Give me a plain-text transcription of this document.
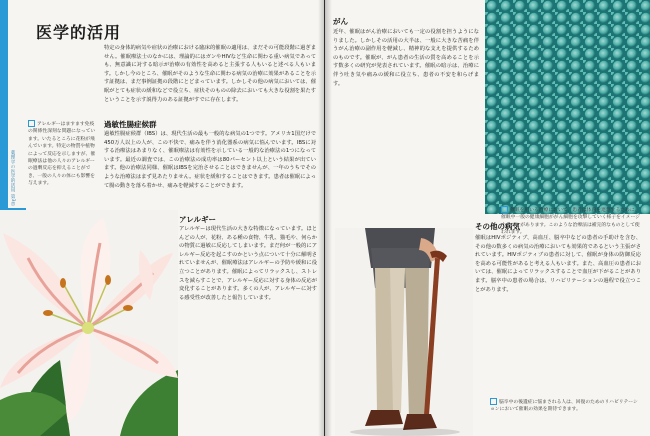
薬理学の医学的活用 第3章
医学的活用
特定の身体的病気や症状の治療における臨床的催眠の適用は、まだその可能段階に過ぎません。催眠療法士のなかには、理論的にはガンやHIVなど生命に関わる重い病気であっても、無意識に対する暗示が治療の有効性を高めると主張する人もいると述べる人もいます。しかし今のところ、催眠がそのような生命に関わる病気の治療に効果があることを示す証拠は、まだ事例証拠の段階にとどまっています。しかしその他の病気においては、催眠がとても症状の緩和などで役立ち、症状そのものの除去においても大きな役割を果たすということを示す説得力のある証拠がすでに存在します。
アレルギーはますます免疫の関係性深刻な問題になっています。いたるところに花粉が飛んでいます。特定の物質や植物によって反応を示しますが、催眠療法は他の人々のアレルギーの過剰反応を抑えることができ、一般の人々の体にも影響を与えます。
過敏性腸症候群
過敏性腸症候群（IBS）は、現代生活の最も一般的な病気の1つです。アメリカ1国だけで450万人以上の人が、この不快で、痛みを伴う消化器系の病気に悩んでいます。IBSに対する治療法はあまりなく、催眠療法は有効性を示している一般的な治療法の1つになっています。最近の調査では、この治療法の成功率は80パーセント以上という結果が出ています。他の治療法同様、催眠はIBSを完治させることはできませんが、一年のうちでそのような治療法はまず見あたりません。症状を緩和することはできます。患者は催眠によって腸の動きを落ち着かせ、痛みを軽減することができます。
アレルギー
アレルギーは現代生活の大きな特徴になっています。ほとんどの人が、花粉、ある種の食物、牛乳、猫毛や、何らかの物質に過敏に反応してしまいます。まだ何が一般的にアレルギー反応を起こすのかという点について十分に解明されていませんが、催眠療法はアレルギーの予防や緩和に役立つことがあります。催眠によってリラックスし、ストレスを減らすことで、アレルギー反応に対する身体の反応が変化することがあります。多くの人が、アレルギーに対する感受性が改善したと報告しています。
がん
近年、催眠はがん治療においても一定の役割を担うようになりました。しかしその活用の大半は、一般に大きな苦痛を伴うがん治療の副作用を軽減し、精神的な支えを提供するためのものです。催眠が、がん患者の生活の質を高めることを示す数多くの研究が発表されています。催眠の暗示は、治療に伴う吐き気や痛みの緩和に役立ち、患者の不安を和らげます。
催眠を用いる治療において、患者は体内を連想するために、催眠中一般の健康細胞ががん細胞を攻撃していく様子をイメージすることがあります。このような治療法は補完的なものとして使われます。
その他の病気
催眠はHIVポジティブ、高血圧、脳卒中などの患者の手助けを含む、その他の数多くの病気の治療においても効果的であるという主張がされています。HIVポジティブの患者に対して、催眠が身体の防御反応を高める可能性があると考える人もいます。また、高血圧の患者においては、催眠によってリラックスすることで血圧が下がることがあります。脳卒中の患者の場合は、リハビリテーションの過程で役立つことがあります。
脳卒中の後遺症に悩まされる人は、回復のためのリハビリテーションにおいて催眠の効果を期待できます。
